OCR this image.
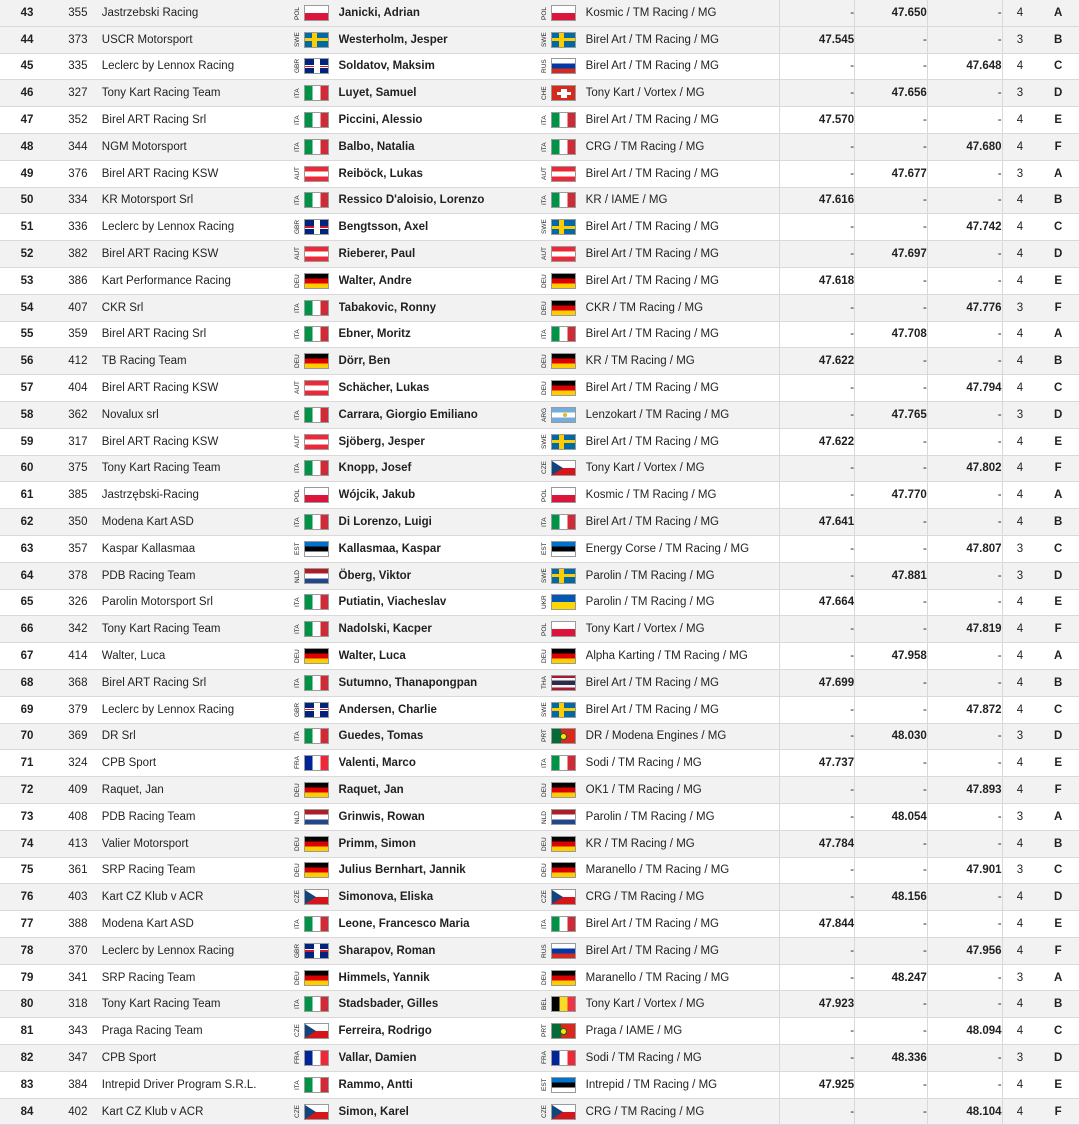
43	355	Jastrzebski Racing	POL	Janicki, Adrian	POL	Kosmic / TM Racing / MG	-	47.650	-	4	A
44	373	USCR Motorsport	SWE	Westerholm, Jesper	SWE	Birel Art / TM Racing / MG	47.545	-	-	3	B
45	335	Leclerc by Lennox Racing	GBR	Soldatov, Maksim	RUS	Birel Art / TM Racing / MG	-	-	47.648	4	C
46	327	Tony Kart Racing Team	ITA	Luyet, Samuel	CHE	Tony Kart / Vortex / MG	-	47.656	-	3	D
47	352	Birel ART Racing Srl	ITA	Piccini, Alessio	ITA	Birel Art / TM Racing / MG	47.570	-	-	4	E
48	344	NGM Motorsport	ITA	Balbo, Natalia	ITA	CRG / TM Racing / MG	-	-	47.680	4	F
49	376	Birel ART Racing KSW	AUT	Reiböck, Lukas	AUT	Birel Art / TM Racing / MG	-	47.677	-	3	A
50	334	KR Motorsport Srl	ITA	Ressico D'aloisio, Lorenzo	ITA	KR / IAME / MG	47.616	-	-	4	B
51	336	Leclerc by Lennox Racing	GBR	Bengtsson, Axel	SWE	Birel Art / TM Racing / MG	-	-	47.742	4	C
52	382	Birel ART Racing KSW	AUT	Rieberer, Paul	AUT	Birel Art / TM Racing / MG	-	47.697	-	4	D
53	386	Kart Performance Racing	DEU	Walter, Andre	DEU	Birel Art / TM Racing / MG	47.618	-	-	4	E
54	407	CKR Srl	ITA	Tabakovic, Ronny	DEU	CKR / TM Racing / MG	-	-	47.776	3	F
55	359	Birel ART Racing Srl	ITA	Ebner, Moritz	ITA	Birel Art / TM Racing / MG	-	47.708	-	4	A
56	412	TB Racing Team	DEU	Dörr, Ben	DEU	KR / TM Racing / MG	47.622	-	-	4	B
57	404	Birel ART Racing KSW	AUT	Schächer, Lukas	DEU	Birel Art / TM Racing / MG	-	-	47.794	4	C
58	362	Novalux srl	ITA	Carrara, Giorgio Emiliano	ARG	Lenzokart / TM Racing / MG	-	47.765	-	3	D
59	317	Birel ART Racing KSW	AUT	Sjöberg, Jesper	SWE	Birel Art / TM Racing / MG	47.622	-	-	4	E
60	375	Tony Kart Racing Team	ITA	Knopp, Josef	CZE	Tony Kart / Vortex / MG	-	-	47.802	4	F
61	385	Jastrzębski-Racing	POL	Wójcik, Jakub	POL	Kosmic / TM Racing / MG	-	47.770	-	4	A
62	350	Modena Kart ASD	ITA	Di Lorenzo, Luigi	ITA	Birel Art / TM Racing / MG	47.641	-	-	4	B
63	357	Kaspar Kallasmaa	EST	Kallasmaa, Kaspar	EST	Energy Corse / TM Racing / MG	-	-	47.807	3	C
64	378	PDB Racing Team	NLD	Öberg, Viktor	SWE	Parolin / TM Racing / MG	-	47.881	-	3	D
65	326	Parolin Motorsport Srl	ITA	Putiatin, Viacheslav	UKR	Parolin / TM Racing / MG	47.664	-	-	4	E
66	342	Tony Kart Racing Team	ITA	Nadolski, Kacper	POL	Tony Kart / Vortex / MG	-	-	47.819	4	F
67	414	Walter, Luca	DEU	Walter, Luca	DEU	Alpha Karting / TM Racing / MG	-	47.958	-	4	A
68	368	Birel ART Racing Srl	ITA	Sutumno, Thanapongpan	THA	Birel Art / TM Racing / MG	47.699	-	-	4	B
69	379	Leclerc by Lennox Racing	GBR	Andersen, Charlie	SWE	Birel Art / TM Racing / MG	-	-	47.872	4	C
70	369	DR Srl	ITA	Guedes, Tomas	PRT	DR / Modena Engines / MG	-	48.030	-	3	D
71	324	CPB Sport	FRA	Valenti, Marco	ITA	Sodi / TM Racing / MG	47.737	-	-	4	E
72	409	Raquet, Jan	DEU	Raquet, Jan	DEU	OK1 / TM Racing / MG	-	-	47.893	4	F
73	408	PDB Racing Team	NLD	Grinwis, Rowan	NLD	Parolin / TM Racing / MG	-	48.054	-	3	A
74	413	Valier Motorsport	DEU	Primm, Simon	DEU	KR / TM Racing / MG	47.784	-	-	4	B
75	361	SRP Racing Team	DEU	Julius Bernhart, Jannik	DEU	Maranello / TM Racing / MG	-	-	47.901	3	C
76	403	Kart CZ Klub v ACR	CZE	Simonova, Eliska	CZE	CRG / TM Racing / MG	-	48.156	-	4	D
77	388	Modena Kart ASD	ITA	Leone, Francesco Maria	ITA	Birel Art / TM Racing / MG	47.844	-	-	4	E
78	370	Leclerc by Lennox Racing	GBR	Sharapov, Roman	RUS	Birel Art / TM Racing / MG	-	-	47.956	4	F
79	341	SRP Racing Team	DEU	Himmels, Yannik	DEU	Maranello / TM Racing / MG	-	48.247	-	3	A
80	318	Tony Kart Racing Team	ITA	Stadsbader, Gilles	BEL	Tony Kart / Vortex / MG	47.923	-	-	4	B
81	343	Praga Racing Team	CZE	Ferreira, Rodrigo	PRT	Praga / IAME / MG	-	-	48.094	4	C
82	347	CPB Sport	FRA	Vallar, Damien	FRA	Sodi / TM Racing / MG	-	48.336	-	3	D
83	384	Intrepid Driver Program S.R.L.	ITA	Rammo, Antti	EST	Intrepid / TM Racing / MG	47.925	-	-	4	E
84	402	Kart CZ Klub v ACR	CZE	Simon, Karel	CZE	CRG / TM Racing / MG	-	-	48.104	4	F
